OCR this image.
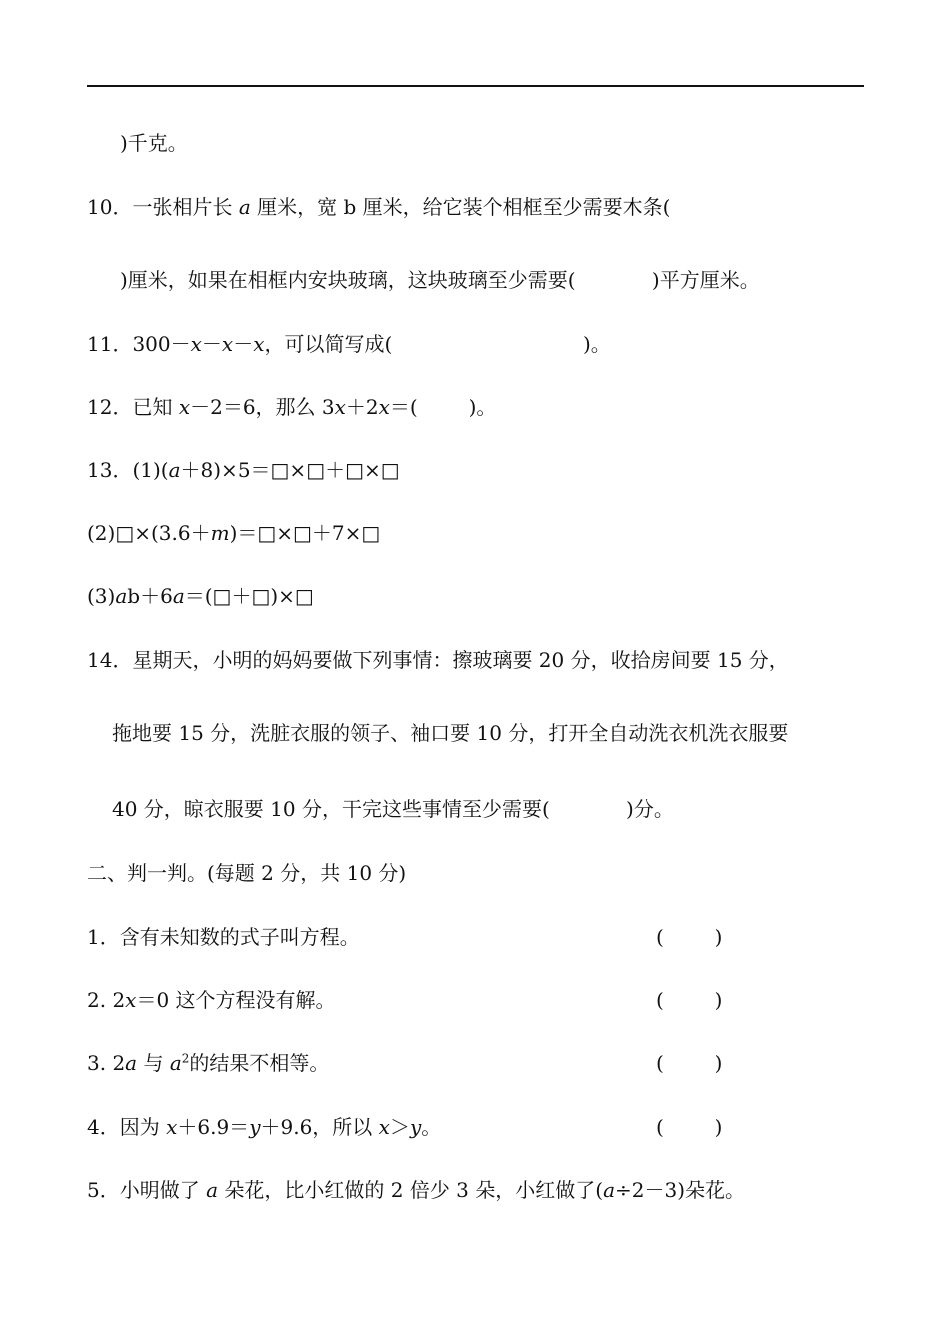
)千克。
10．一张相片长 a 厘米，宽 b 厘米，给它装个相框至少需要木条(
)厘米，如果在相框内安块玻璃，这块玻璃至少需要(            )平方厘米。
11．300－x－x－x，可以简写成(                              )。
12．已知 x－2＝6，那么 3x＋2x＝(        )。
13．(1)(a＋8)×5＝□×□＋□×□
(2)□×(3.6＋m)＝□×□＋7×□
(3)ab＋6a＝(□＋□)×□
14．星期天，小明的妈妈要做下列事情：擦玻璃要 20 分，收拾房间要 15 分，
拖地要 15 分，洗脏衣服的领子、袖口要 10 分，打开全自动洗衣机洗衣服要
40 分，晾衣服要 10 分，干完这些事情至少需要(            )分。
二、判一判。(每题 2 分，共 10 分)
1．含有未知数的式子叫方程。	(        )
2. 2x＝0 这个方程没有解。	(        )
3. 2a 与 $a^2$的结果不相等。	(        )
4．因为 x＋6.9＝y＋9.6，所以 x＞y。	(        )
5．小明做了 a 朵花，比小红做的 2 倍少 3 朵，小红做了(a÷2－3)朵花。
